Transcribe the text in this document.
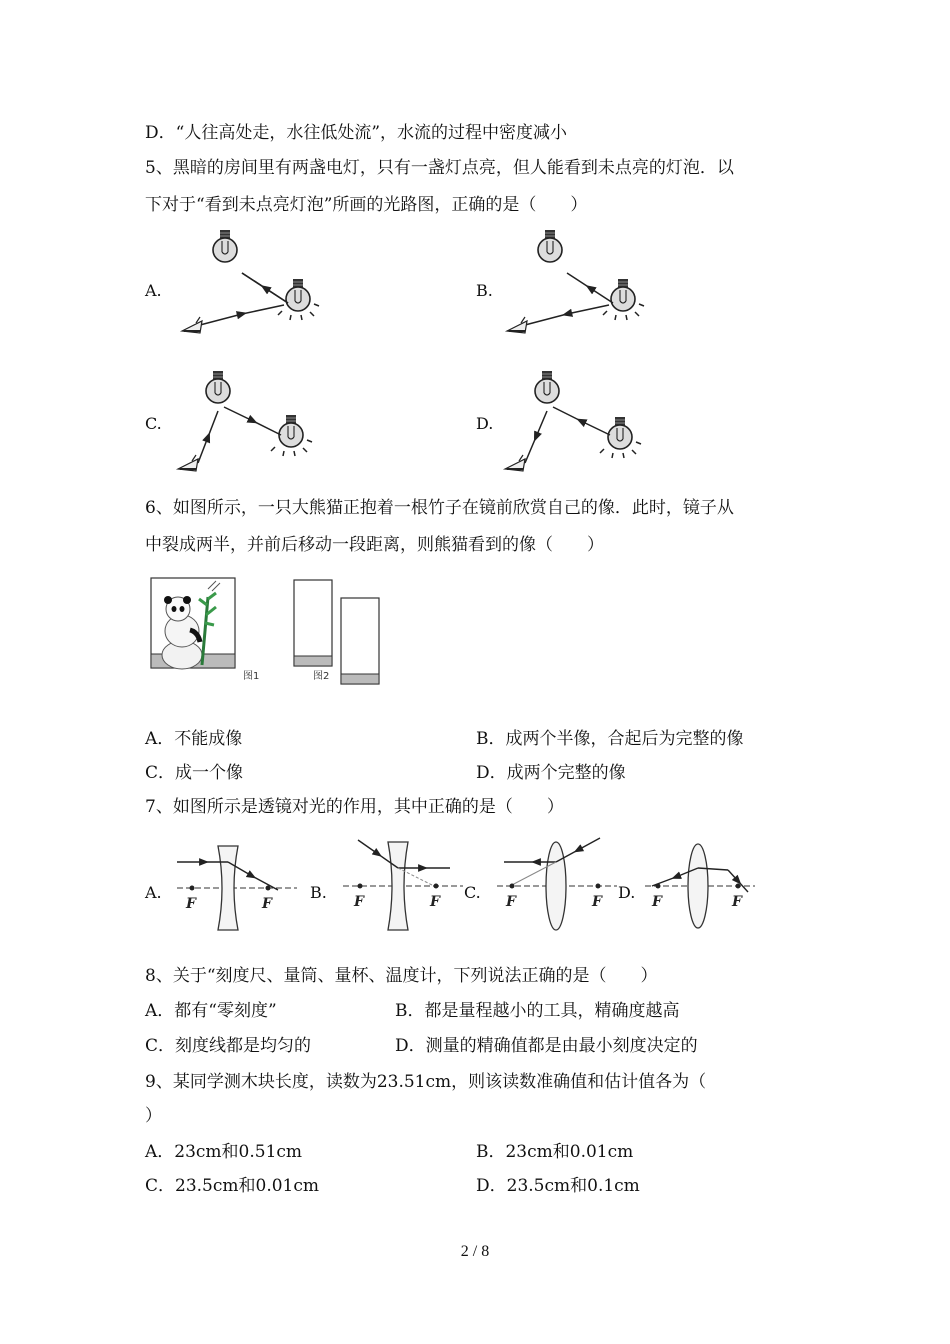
D．“人往高处走，水往低处流”，水流的过程中密度减小
5、黑暗的房间里有两盏电灯，只有一盏灯点亮，但人能看到未点亮的灯泡．以
下对于“看到未点亮灯泡”所画的光路图，正确的是（　　）
A.	B.
C.	D.
6、如图所示，一只大熊猫正抱着一根竹子在镜前欣赏自己的像．此时，镜子从
中裂成两半，并前后移动一段距离，则熊猫看到的像（　　）
图1	图2
A．不能成像	B．成两个半像，合起后为完整的像
C．成一个像	D．成两个完整的像
7、如图所示是透镜对光的作用，其中正确的是（　　）
A.
F	F
B. F	F C. F	F D. F	F
8、关于“刻度尺、量筒、量杯、温度计，下列说法正确的是（　　）
A．都有“零刻度”	B．都是量程越小的工具，精确度越高
C．刻度线都是均匀的	D．测量的精确值都是由最小刻度决定的
9、某同学测木块长度，读数为23.51cm，则该读数准确值和估计值各为（
）
A．23cm和0.51cm	B．23cm和0.01cm
C．23.5cm和0.01cm	D．23.5cm和0.1cm
2 / 8
